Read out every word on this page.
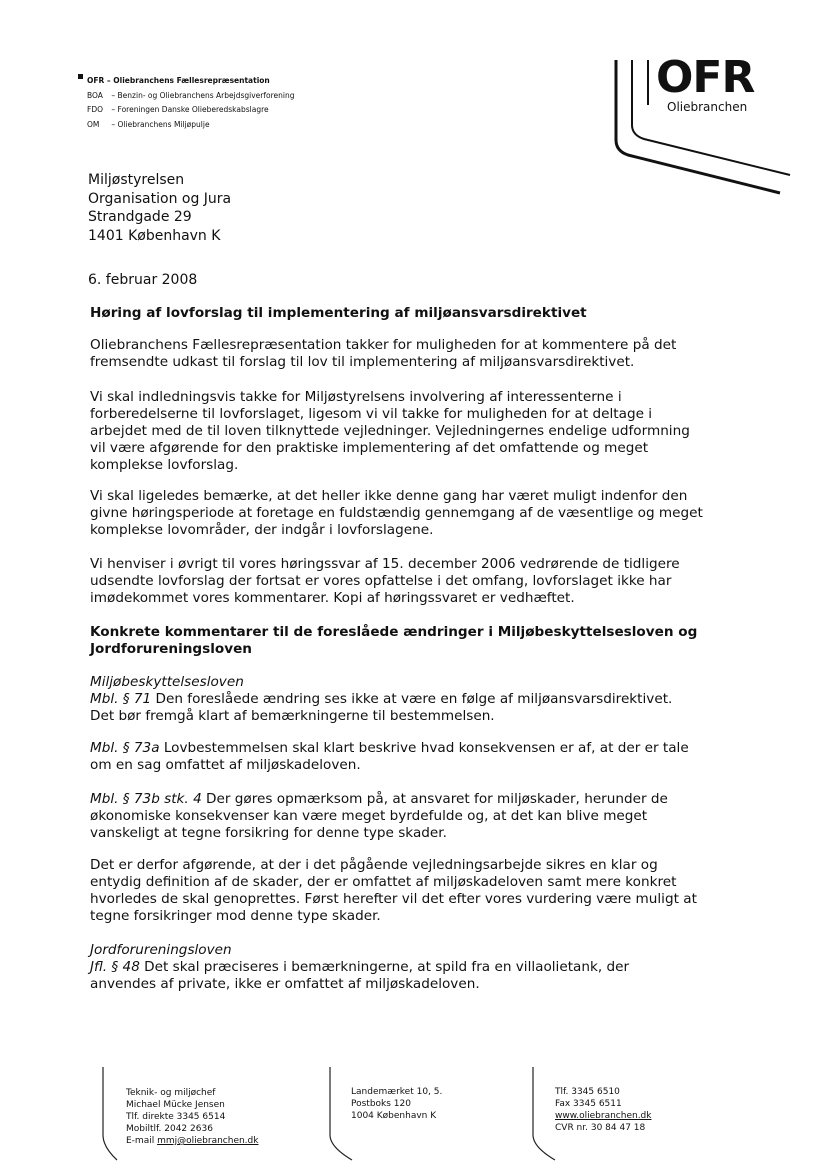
OFR – Oliebranchens Fællesrepræsentation
BOA – Benzin- og Oliebranchens Arbejdsgiverforening
FDO – Foreningen Danske Olieberedskabslagre
OM	– Oliebranchens Miljøpulje
OFR
Oliebranchen
Miljøstyrelsen
Organisation og Jura
Strandgade 29
1401 København K
6. februar 2008
Høring af lovforslag til implementering af miljøansvarsdirektivet
Oliebranchens Fællesrepræsentation takker for muligheden for at kommentere på det
fremsendte udkast til forslag til lov til implementering af miljøansvarsdirektivet.
Vi skal indledningsvis takke for Miljøstyrelsens involvering af interessenterne i
forberedelserne til lovforslaget, ligesom vi vil takke for muligheden for at deltage i
arbejdet med de til loven tilknyttede vejledninger. Vejledningernes endelige udformning
vil være afgørende for den praktiske implementering af det omfattende og meget
komplekse lovforslag.
Vi skal ligeledes bemærke, at det heller ikke denne gang har været muligt indenfor den
givne høringsperiode at foretage en fuldstændig gennemgang af de væsentlige og meget
komplekse lovområder, der indgår i lovforslagene.
Vi henviser i øvrigt til vores høringssvar af 15. december 2006 vedrørende de tidligere
udsendte lovforslag der fortsat er vores opfattelse i det omfang, lovforslaget ikke har
imødekommet vores kommentarer. Kopi af høringssvaret er vedhæftet.
Konkrete kommentarer til de foreslåede ændringer i Miljøbeskyttelsesloven og
Jordforureningsloven
Miljøbeskyttelsesloven
Mbl. § 71 Den foreslåede ændring ses ikke at være en følge af miljøansvarsdirektivet.
Det bør fremgå klart af bemærkningerne til bestemmelsen.
Mbl. § 73a Lovbestemmelsen skal klart beskrive hvad konsekvensen er af, at der er tale
om en sag omfattet af miljøskadeloven.
Mbl. § 73b stk. 4 Der gøres opmærksom på, at ansvaret for miljøskader, herunder de
økonomiske konsekvenser kan være meget byrdefulde og, at det kan blive meget
vanskeligt at tegne forsikring for denne type skader.
Det er derfor afgørende, at der i det pågående vejledningsarbejde sikres en klar og
entydig definition af de skader, der er omfattet af miljøskadeloven samt mere konkret
hvorledes de skal genoprettes. Først herefter vil det efter vores vurdering være muligt at
tegne forsikringer mod denne type skader.
Jordforureningsloven
Jfl. § 48 Det skal præciseres i bemærkningerne, at spild fra en villaolietank, der
anvendes af private, ikke er omfattet af miljøskadeloven.
Teknik- og miljøchef
Michael Mücke Jensen
Tlf. direkte 3345 6514
Mobiltlf. 2042 2636
E-mail mmj@oliebranchen.dk
Landemærket 10, 5.
Postboks 120
1004 København K
Tlf. 3345 6510
Fax 3345 6511
www.oliebranchen.dk
CVR nr. 30 84 47 18
